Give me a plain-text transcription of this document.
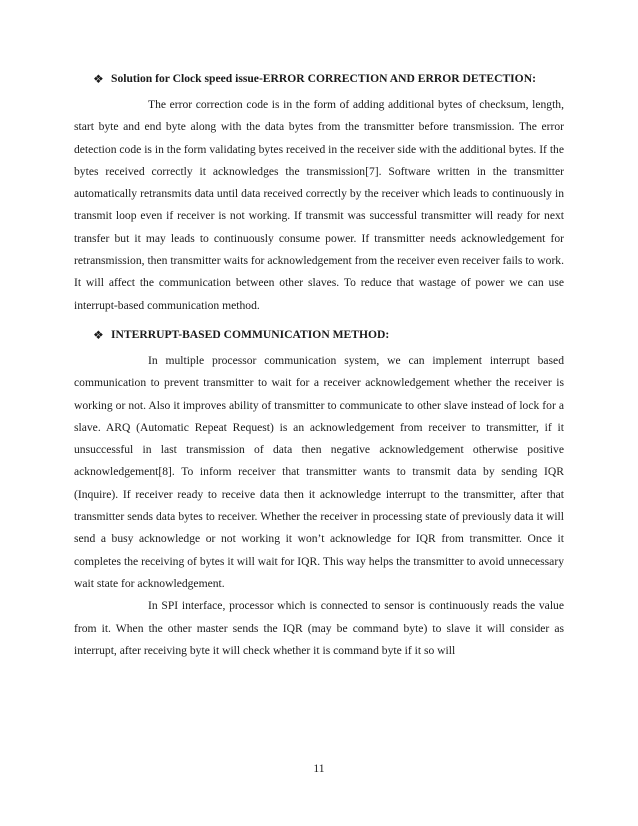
❖ Solution for Clock speed issue-ERROR CORRECTION AND ERROR DETECTION:

The error correction code is in the form of adding additional bytes of checksum, length, start byte and end byte along with the data bytes from the transmitter before transmission. The error detection code is in the form validating bytes received in the receiver side with the additional bytes. If the bytes received correctly it acknowledges the transmission[7]. Software written in the transmitter automatically retransmits data until data received correctly by the receiver which leads to continuously in transmit loop even if receiver is not working. If transmit was successful transmitter will ready for next transfer but it may leads to continuously consume power. If transmitter needs acknowledgement for retransmission, then transmitter waits for acknowledgement from the receiver even receiver fails to work. It will affect the communication between other slaves. To reduce that wastage of power we can use interrupt-based communication method.

❖ INTERRUPT-BASED COMMUNICATION METHOD:

In multiple processor communication system, we can implement interrupt based communication to prevent transmitter to wait for a receiver acknowledgement whether the receiver is working or not. Also it improves ability of transmitter to communicate to other slave instead of lock for a slave. ARQ (Automatic Repeat Request) is an acknowledgement from receiver to transmitter, if it unsuccessful in last transmission of data then negative acknowledgement otherwise positive acknowledgement[8]. To inform receiver that transmitter wants to transmit data by sending IQR (Inquire). If receiver ready to receive data then it acknowledge interrupt to the transmitter, after that transmitter sends data bytes to receiver. Whether the receiver in processing state of previously data it will send a busy acknowledge or not working it won’t acknowledge for IQR from transmitter. Once it completes the receiving of bytes it will wait for IQR. This way helps the transmitter to avoid unnecessary wait state for acknowledgement.

In SPI interface, processor which is connected to sensor is continuously reads the value from it. When the other master sends the IQR (may be command byte) to slave it will consider as interrupt, after receiving byte it will check whether it is command byte if it so will

11
